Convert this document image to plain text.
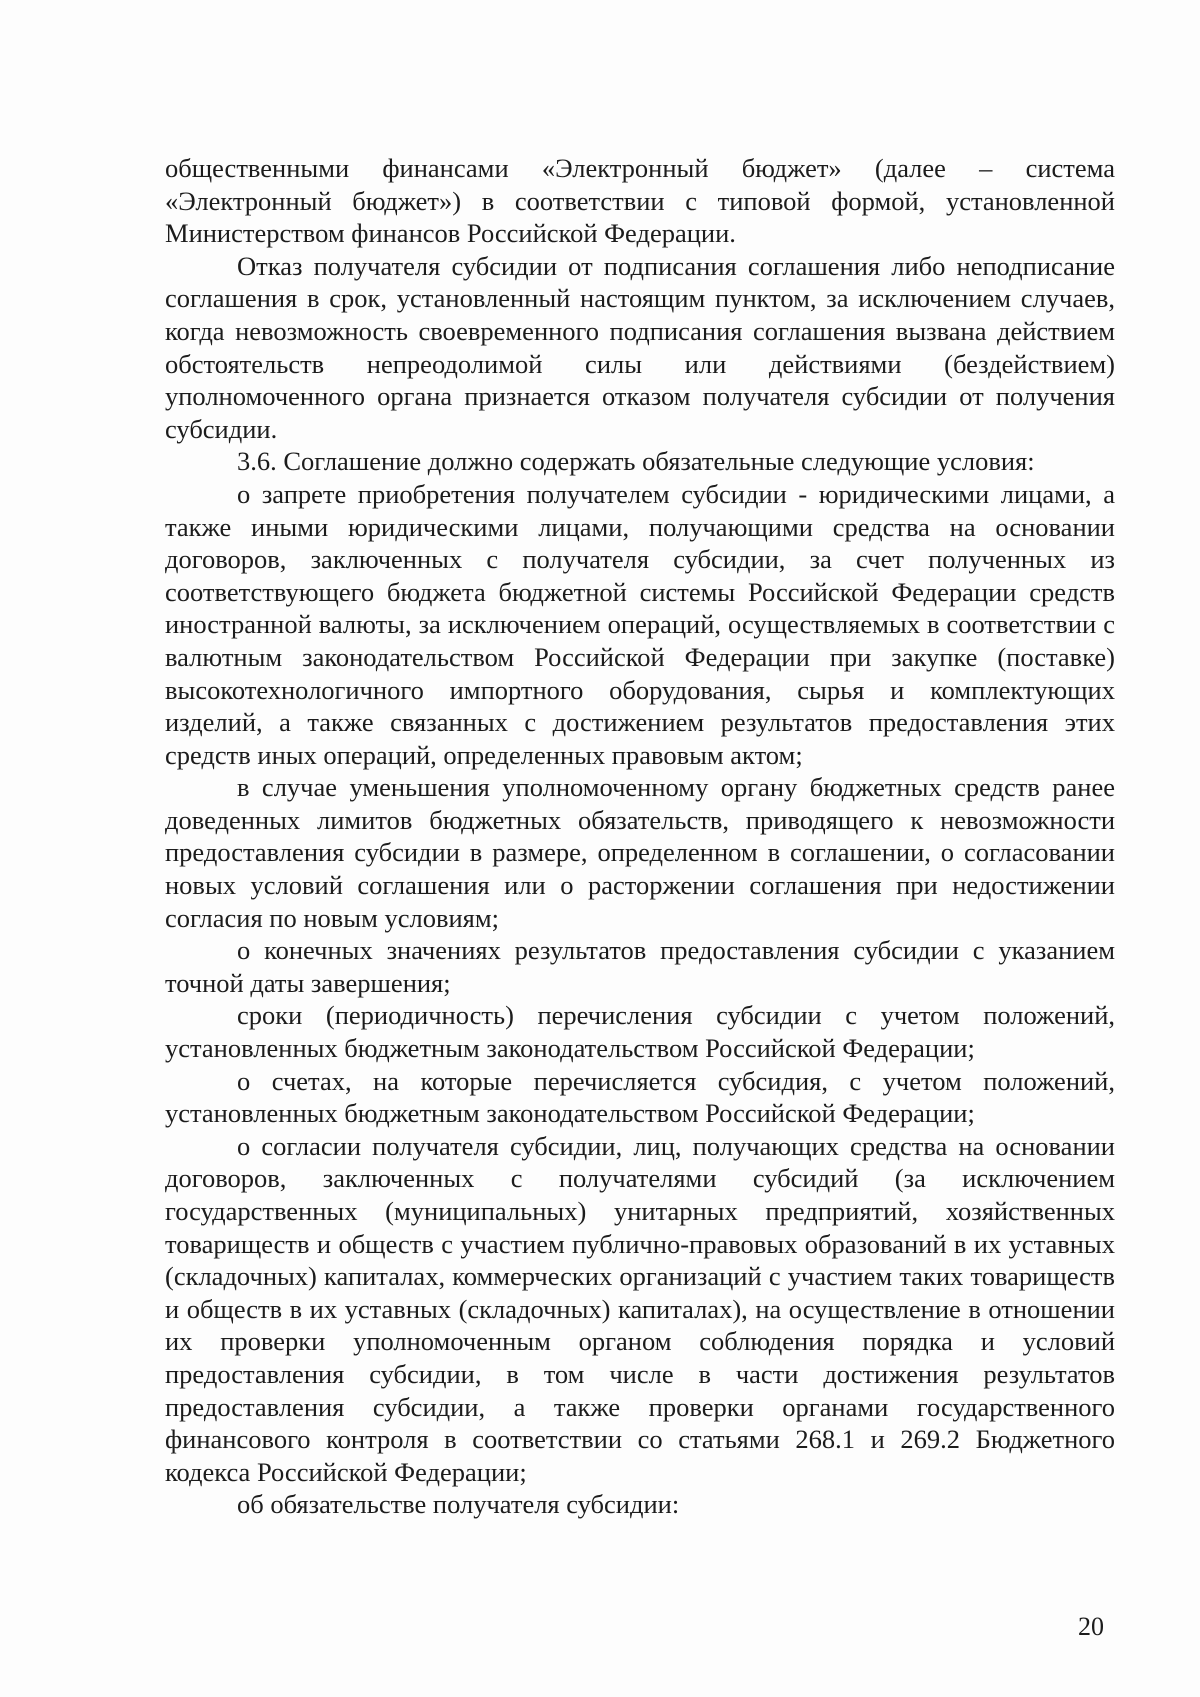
общественными финансами «Электронный бюджет» (далее – система «Электронный бюджет») в соответствии с типовой формой, установленной Министерством финансов Российской Федерации.

Отказ получателя субсидии от подписания соглашения либо неподписание соглашения в срок, установленный настоящим пунктом, за исключением случаев, когда невозможность своевременного подписания соглашения вызвана действием обстоятельств непреодолимой силы или действиями (бездействием) уполномоченного органа признается отказом получателя субсидии от получения субсидии.

3.6. Соглашение должно содержать обязательные следующие условия:

о запрете приобретения получателем субсидии - юридическими лицами, а также иными юридическими лицами, получающими средства на основании договоров, заключенных с получателя субсидии, за счет полученных из соответствующего бюджета бюджетной системы Российской Федерации средств иностранной валюты, за исключением операций, осуществляемых в соответствии с валютным законодательством Российской Федерации при закупке (поставке) высокотехнологичного импортного оборудования, сырья и комплектующих изделий, а также связанных с достижением результатов предоставления этих средств иных операций, определенных правовым актом;

в случае уменьшения уполномоченному органу бюджетных средств ранее доведенных лимитов бюджетных обязательств, приводящего к невозможности предоставления субсидии в размере, определенном в соглашении, о согласовании новых условий соглашения или о расторжении соглашения при недостижении согласия по новым условиям;

о конечных значениях результатов предоставления субсидии с указанием точной даты завершения;

сроки (периодичность) перечисления субсидии с учетом положений, установленных бюджетным законодательством Российской Федерации;

о счетах, на которые перечисляется субсидия, с учетом положений, установленных бюджетным законодательством Российской Федерации;

о согласии получателя субсидии, лиц, получающих средства на основании договоров, заключенных с получателями субсидий (за исключением государственных (муниципальных) унитарных предприятий, хозяйственных товариществ и обществ с участием публично-правовых образований в их уставных (складочных) капиталах, коммерческих организаций с участием таких товариществ и обществ в их уставных (складочных) капиталах), на осуществление в отношении их проверки уполномоченным органом соблюдения порядка и условий предоставления субсидии, в том числе в части достижения результатов предоставления субсидии, а также проверки органами государственного финансового контроля в соответствии со статьями 268.1 и 269.2 Бюджетного кодекса Российской Федерации;

об обязательстве получателя субсидии:

20
